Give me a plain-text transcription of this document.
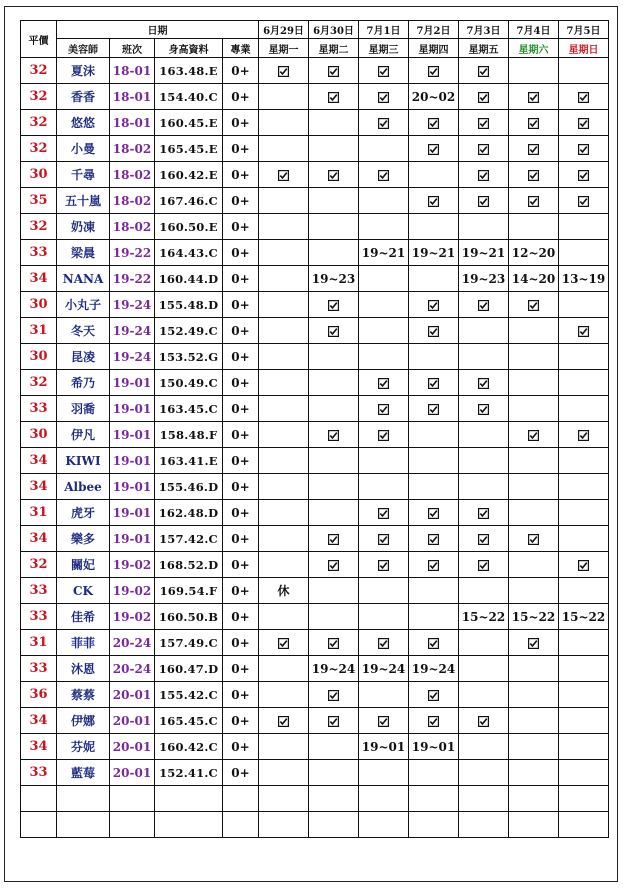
平價	日期				6月29日	6月30日	7月1日	7月2日	7月3日	7月4日	7月5日
	美容師	班次	身高資料	專業	星期一	星期二	星期三	星期四	星期五	星期六	星期日
32	夏沫	18-01	163.48.E	0+	

32	香香	18-01	154.40.C	0+				20~02	

32	悠悠	18-01	160.45.E	0+			

32	小曼	18-02	165.45.E	0+				

30	千尋	18-02	160.42.E	0+	

35	五十嵐	18-02	167.46.C	0+				

32	奶凍	18-02	160.50.E	0+							
33	梁晨	19-22	164.43.C	0+			19~21	19~21	19~21	12~20	
34	NANA	19-22	160.44.D	0+		19~23			19~23	14~20	13~19
30	小丸子	19-24	155.48.D	0+		

31	冬天	19-24	152.49.C	0+		

30	昆凌	19-24	153.52.G	0+							
32	希乃	19-01	150.49.C	0+			

33	羽喬	19-01	163.45.C	0+			

30	伊凡	19-01	158.48.F	0+		

34	KIWI	19-01	163.41.E	0+							
34	Albee	19-01	155.46.D	0+							
31	虎牙	19-01	162.48.D	0+			

34	樂多	19-01	157.42.C	0+		

32	關妃	19-02	168.52.D	0+		

33	CK	19-02	169.54.F	0+	休						
33	佳希	19-02	160.50.B	0+					15~22	15~22	15~22
31	菲菲	20-24	157.49.C	0+	

33	沐恩	20-24	160.47.D	0+		19~24	19~24	19~24			
36	蔡蔡	20-01	155.42.C	0+		

34	伊娜	20-01	165.45.C	0+	

34	芬妮	20-01	160.42.C	0+			19~01	19~01			
33	藍莓	20-01	152.41.C	0+							
